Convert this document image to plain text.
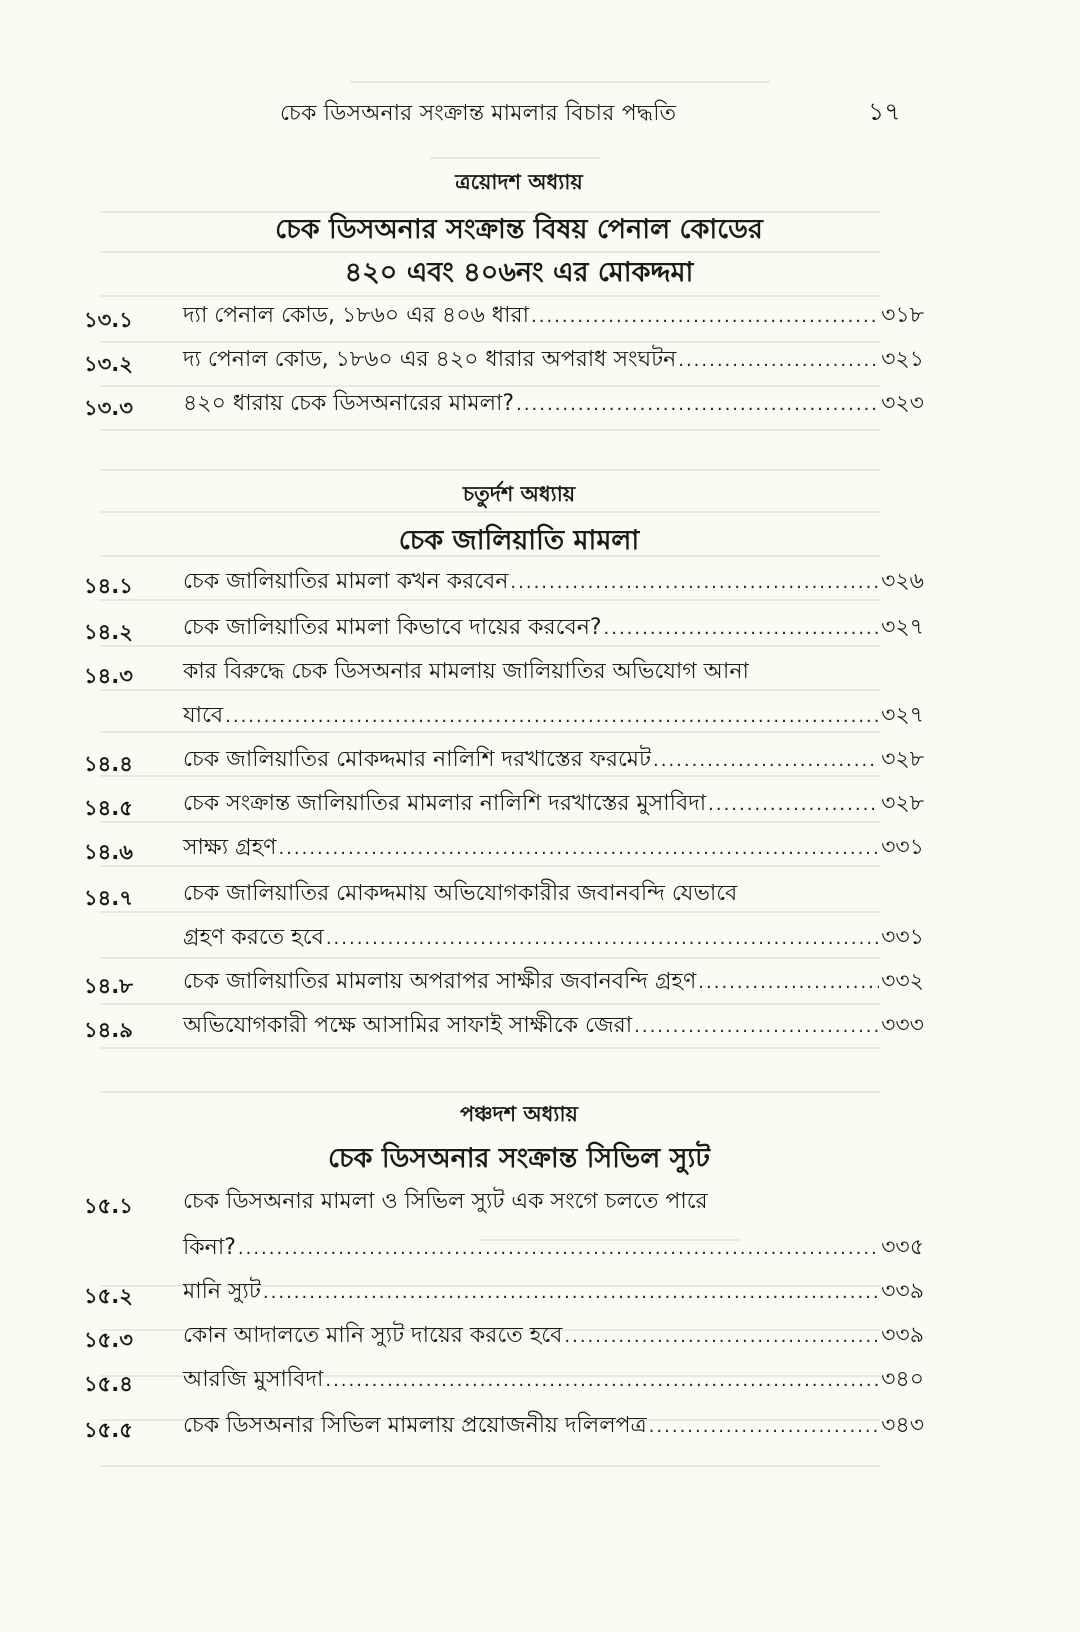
চেক ডিসঅনার সংক্রান্ত মামলার বিচার পদ্ধতি	১৭
ত্রয়োদশ অধ্যায়
চেক ডিসঅনার সংক্রান্ত বিষয় পেনাল কোডের
৪২০ এবং ৪০৬নং এর মোকদ্দমা
১৩.১	দ্যা পেনাল কোড, ১৮৬০ এর ৪০৬ ধারা .....	৩১৮
১৩.২	দ্য পেনাল কোড, ১৮৬০ এর ৪২০ ধারার অপরাধ সংঘটন .....	৩২১
১৩.৩	৪২০ ধারায় চেক ডিসঅনারের মামলা? .....	৩২৩
চতুর্দশ অধ্যায়
চেক জালিয়াতি মামলা
১৪.১	চেক জালিয়াতির মামলা কখন করবেন .....	৩২৬
১৪.২	চেক জালিয়াতির মামলা কিভাবে দায়ের করবেন? .....	৩২৭
১৪.৩	কার বিরুদ্ধে চেক ডিসঅনার মামলায় জালিয়াতির অভিযোগ আনা
যাবে .....	৩২৭
১৪.৪	চেক জালিয়াতির মোকদ্দমার নালিশি দরখাস্তের ফরমেট .....	৩২৮
১৪.৫	চেক সংক্রান্ত জালিয়াতির মামলার নালিশি দরখাস্তের মুসাবিদা .....	৩২৮
১৪.৬	সাক্ষ্য গ্রহণ .....	৩৩১
১৪.৭	চেক জালিয়াতির মোকদ্দমায় অভিযোগকারীর জবানবন্দি যেভাবে
গ্রহণ করতে হবে .....	৩৩১
১৪.৮	চেক জালিয়াতির মামলায় অপরাপর সাক্ষীর জবানবন্দি গ্রহণ .....	৩৩২
১৪.৯	অভিযোগকারী পক্ষে আসামির সাফাই সাক্ষীকে জেরা .....	৩৩৩
পঞ্চদশ অধ্যায়
চেক ডিসঅনার সংক্রান্ত সিভিল স্যুট
১৫.১	চেক ডিসঅনার মামলা ও সিভিল স্যুট এক সংগে চলতে পারে
কিনা? .....	৩৩৫
১৫.২	মানি স্যুট .....	৩৩৯
১৫.৩	কোন আদালতে মানি স্যুট দায়ের করতে হবে .....	৩৩৯
১৫.৪	আরজি মুসাবিদা .....	৩৪০
১৫.৫	চেক ডিসঅনার সিভিল মামলায় প্রয়োজনীয় দলিলপত্র .....	৩৪৩
